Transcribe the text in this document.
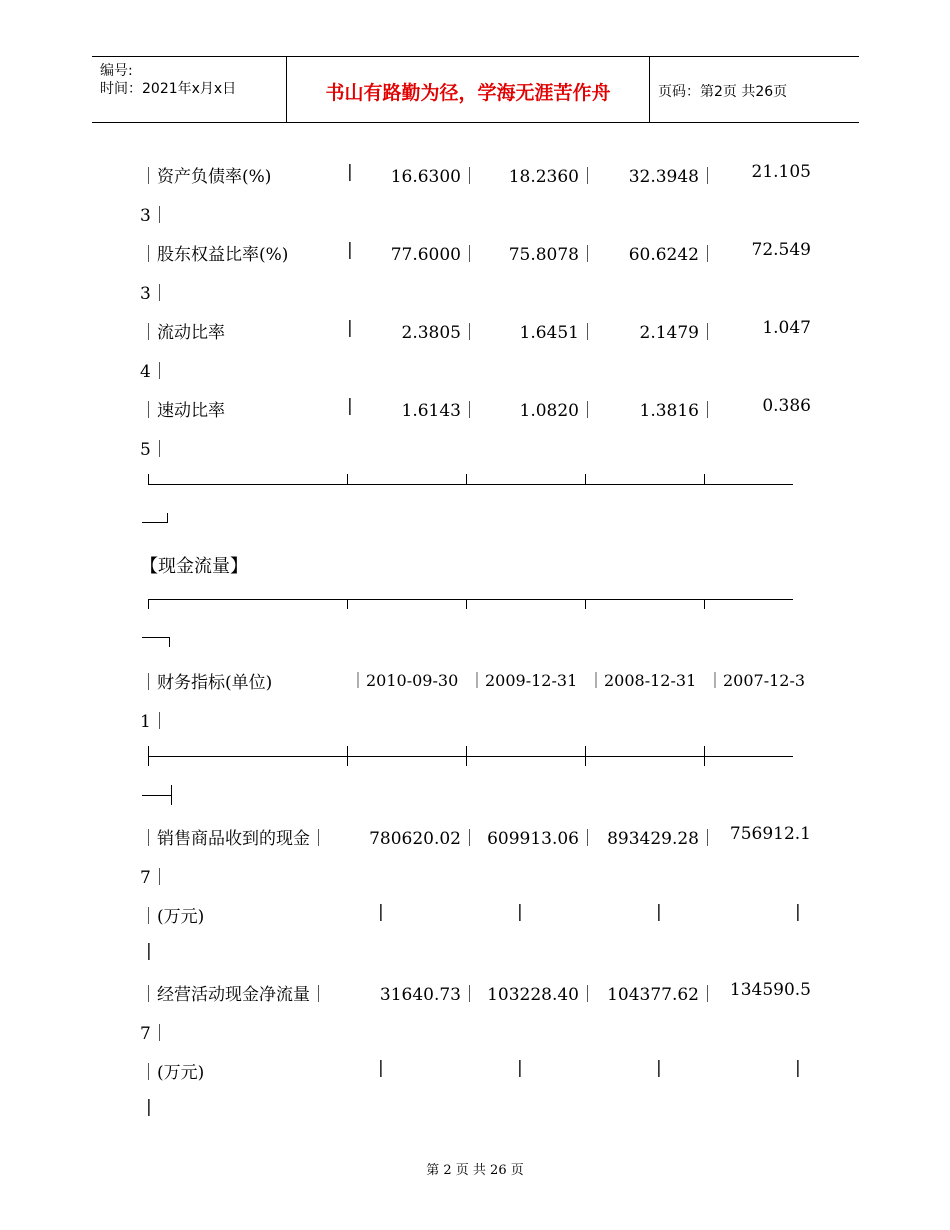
编号:
时间：2021年x月x日	书山有路勤为径，学海无涯苦作舟	页码：第2页 共26页
｜资产负债率(%)	| 16.6300｜ 18.2360｜ 32.3948｜ 21.105
3｜
｜股东权益比率(%)	| 77.6000｜ 75.8078｜ 60.6242｜ 72.549
3｜
｜流动比率	|	2.3805｜ 1.6451｜	2.1479｜	1.047
4｜
｜速动比率	|	1.6143｜ 1.0820｜	1.3816｜	0.386
5｜
【现金流量】
｜财务指标(单位)	｜2010-09-30 ｜2009-12-31 ｜2008-12-31 ｜2007-12-3
1｜
｜销售商品收到的现金｜ 780620.02｜ 609913.06｜ 893429.28｜ 756912.1
7｜
｜(万元)	|	|	|	|
|
｜经营活动现金净流量｜	31640.73｜ 103228.40｜ 104377.62｜ 134590.5
7｜
｜(万元)	|	|	|	|
|
第 2 页 共 26 页
